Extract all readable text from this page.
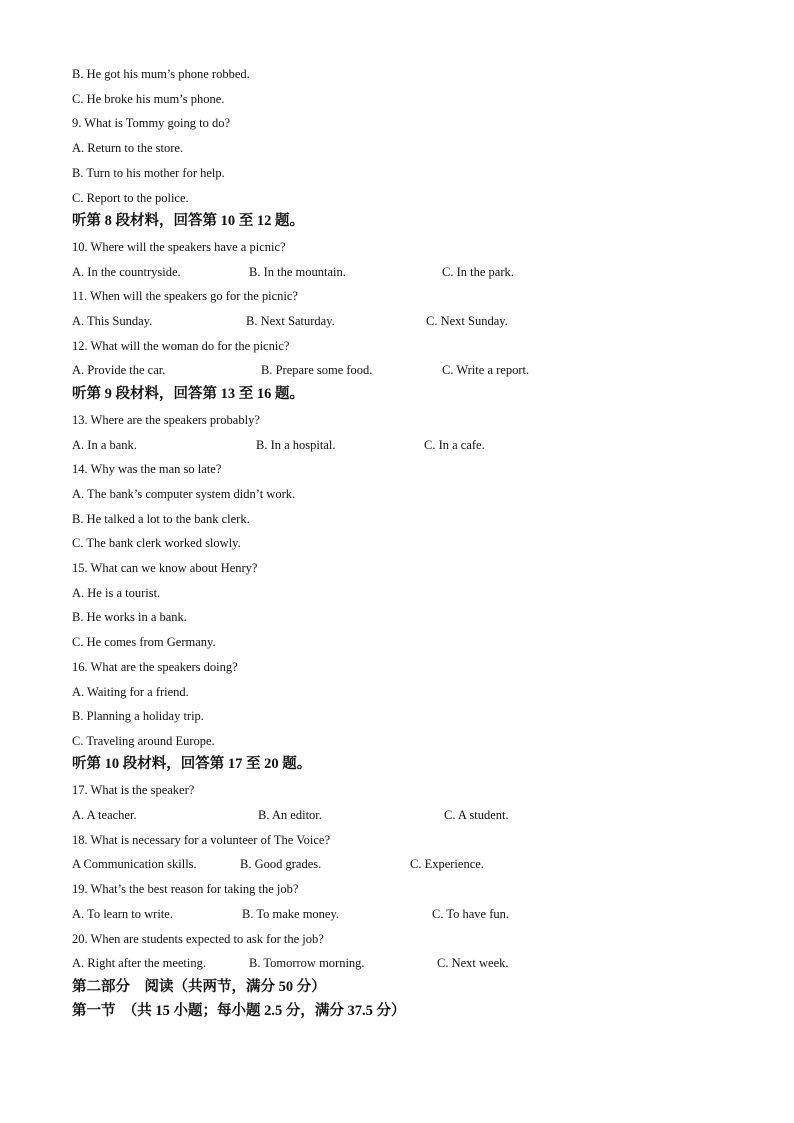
B. He got his mum’s phone robbed.
C. He broke his mum’s phone.
9. What is Tommy going to do?
A. Return to the store.
B. Turn to his mother for help.
C. Report to the police.
听第 8 段材料，回答第 10 至 12 题。
10. Where will the speakers have a picnic?
A. In the countryside.	B. In the mountain.	C. In the park.
11. When will the speakers go for the picnic?
A. This Sunday.	B. Next Saturday.	C. Next Sunday.
12. What will the woman do for the picnic?
A. Provide the car.	B. Prepare some food.	C. Write a report.
听第 9 段材料，回答第 13 至 16 题。
13. Where are the speakers probably?
A. In a bank.	B. In a hospital.	C. In a cafe.
14. Why was the man so late?
A. The bank’s computer system didn’t work.
B. He talked a lot to the bank clerk.
C. The bank clerk worked slowly.
15. What can we know about Henry?
A. He is a tourist.
B. He works in a bank.
C. He comes from Germany.
16. What are the speakers doing?
A. Waiting for a friend.
B. Planning a holiday trip.
C. Traveling around Europe.
听第 10 段材料，回答第 17 至 20 题。
17. What is the speaker?
A. A teacher.	B. An editor.	C. A student.
18. What is necessary for a volunteer of The Voice?
A Communication skills.	B. Good grades.	C. Experience.
19. What’s the best reason for taking the job?
A. To learn to write.	B. To make money.	C. To have fun.
20. When are students expected to ask for the job?
A. Right after the meeting.	B. Tomorrow morning.	C. Next week.
第二部分　阅读（共两节，满分 50 分）
第一节　（共 15 小题；每小题 2.5 分，满分 37.5 分）
